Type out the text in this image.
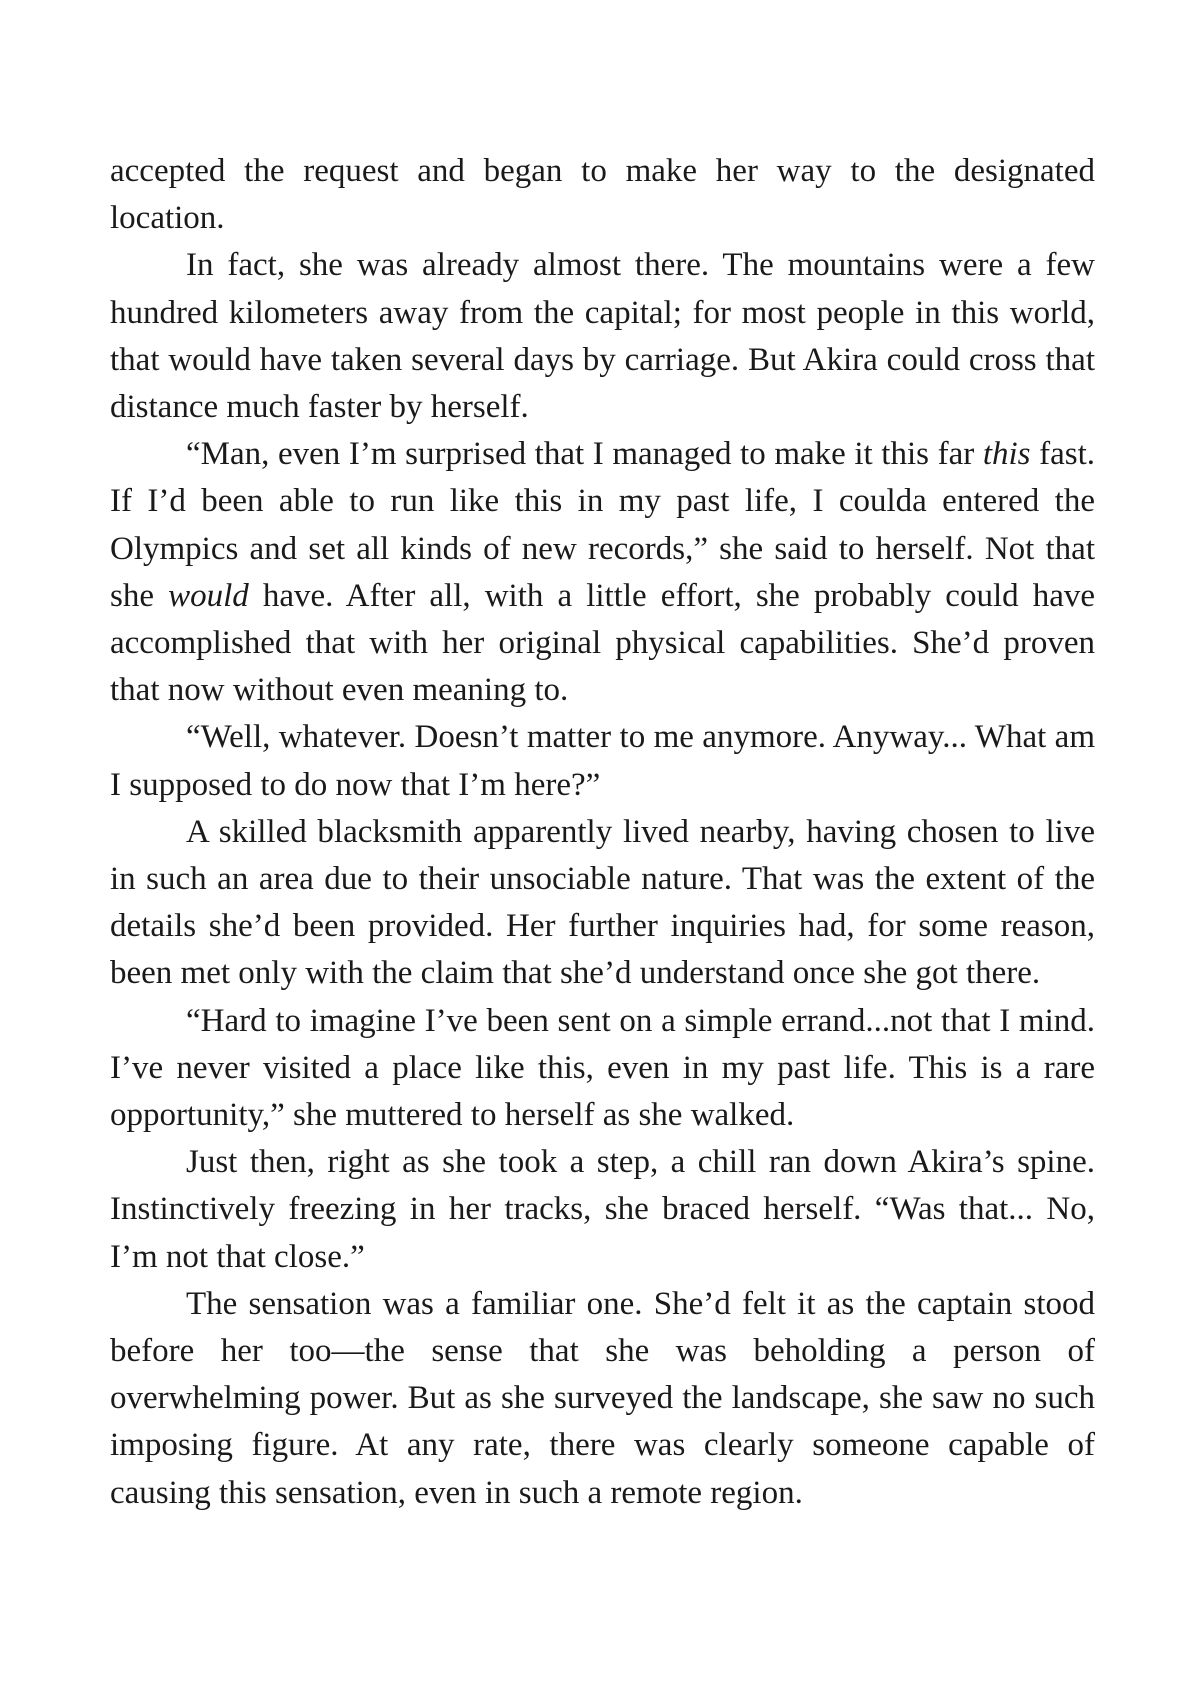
accepted the request and began to make her way to the designated location.

In fact, she was already almost there. The mountains were a few hundred kilometers away from the capital; for most people in this world, that would have taken several days by carriage. But Akira could cross that distance much faster by herself.

“Man, even I’m surprised that I managed to make it this far this fast. If I’d been able to run like this in my past life, I coulda entered the Olympics and set all kinds of new records,” she said to herself. Not that she would have. After all, with a little effort, she probably could have accomplished that with her original physical capabilities. She’d proven that now without even meaning to.

“Well, whatever. Doesn’t matter to me anymore. Anyway... What am I supposed to do now that I’m here?”

A skilled blacksmith apparently lived nearby, having chosen to live in such an area due to their unsociable nature. That was the extent of the details she’d been provided. Her further inquiries had, for some reason, been met only with the claim that she’d understand once she got there.

“Hard to imagine I’ve been sent on a simple errand...not that I mind. I’ve never visited a place like this, even in my past life. This is a rare opportunity,” she muttered to herself as she walked.

Just then, right as she took a step, a chill ran down Akira’s spine. Instinctively freezing in her tracks, she braced herself. “Was that... No, I’m not that close.”

The sensation was a familiar one. She’d felt it as the captain stood before her too—the sense that she was beholding a person of overwhelming power. But as she surveyed the landscape, she saw no such imposing figure. At any rate, there was clearly someone capable of causing this sensation, even in such a remote region.
